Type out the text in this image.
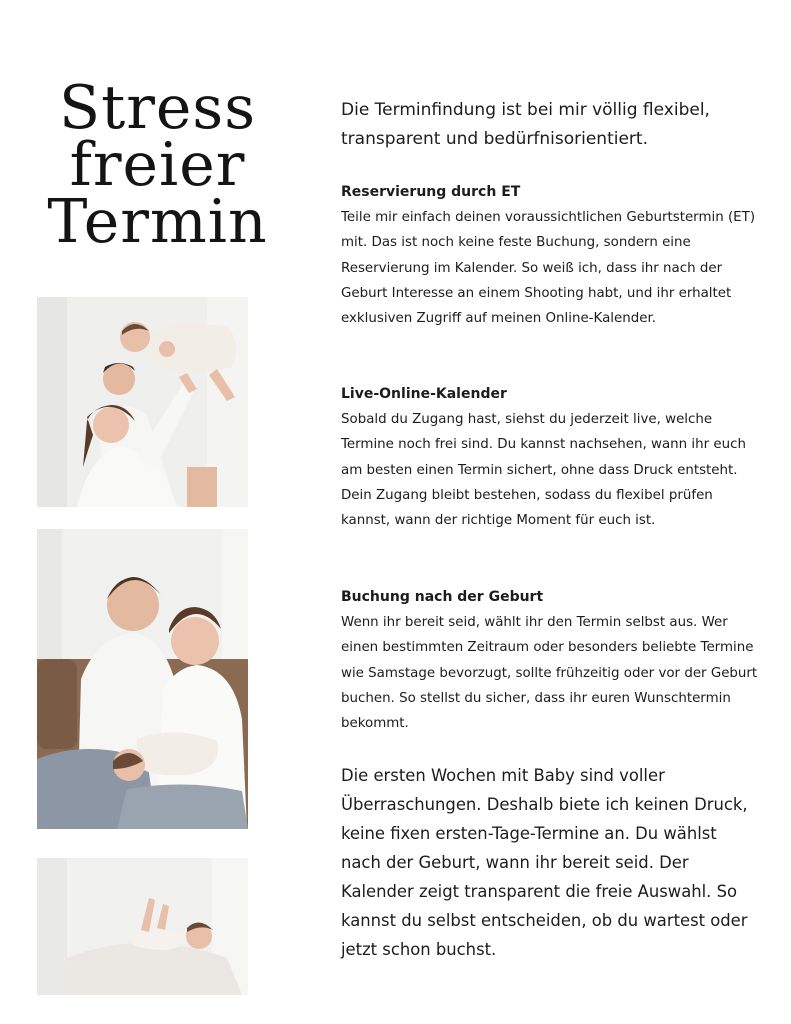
Stress
freier
Termin

Die Terminfindung ist bei mir völlig flexibel, transparent und bedürfnisorientiert.

Reservierung durch ET

Teile mir einfach deinen voraussichtlichen Geburtstermin (ET) mit. Das ist noch keine feste Buchung, sondern eine Reservierung im Kalender. So weiß ich, dass ihr nach der Geburt Interesse an einem Shooting habt, und ihr erhaltet exklusiven Zugriff auf meinen Online-Kalender.

Live-Online-Kalender

Sobald du Zugang hast, siehst du jederzeit live, welche Termine noch frei sind. Du kannst nachsehen, wann ihr euch am besten einen Termin sichert, ohne dass Druck entsteht. Dein Zugang bleibt bestehen, sodass du flexibel prüfen kannst, wann der richtige Moment für euch ist.

Buchung nach der Geburt

Wenn ihr bereit seid, wählt ihr den Termin selbst aus. Wer einen bestimmten Zeitraum oder besonders beliebte Termine wie Samstage bevorzugt, sollte frühzeitig oder vor der Geburt buchen. So stellst du sicher, dass ihr euren Wunschtermin bekommt.

Die ersten Wochen mit Baby sind voller Überraschungen. Deshalb biete ich keinen Druck, keine fixen ersten-Tage-Termine an. Du wählst nach der Geburt, wann ihr bereit seid. Der Kalender zeigt transparent die freie Auswahl. So kannst du selbst entscheiden, ob du wartest oder jetzt schon buchst.
